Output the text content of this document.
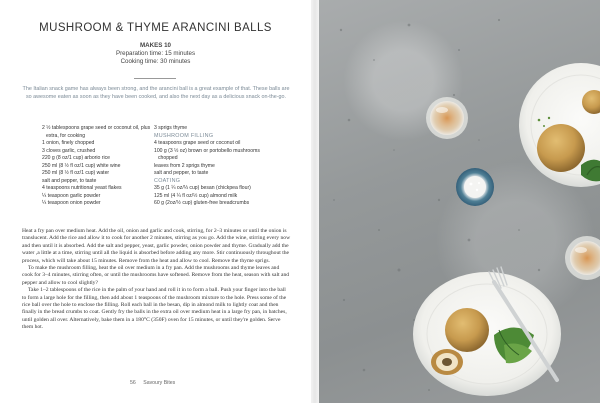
MUSHROOM & THYME ARANCINI BALLS
MAKES 10
Preparation time: 15 minutes
Cooking time: 30 minutes
The Italian snack game has always been strong, and the arancini ball is a great example of that. These balls are so awesome eaten as soon as they have been cooked, and also the next day as a delicious snack on-the-go.
2 ½ tablespoons grape seed or coconut oil, plus extra, for cooking
1 onion, finely chopped
3 cloves garlic, crushed
220 g (8 oz/1 cup) arborio rice
250 ml (8 ½ fl oz/1 cup) white wine
250 ml (8 ½ fl oz/1 cup) water
salt and pepper, to taste
4 teaspoons nutritional yeast flakes
¼ teaspoon garlic powder
¼ teaspoon onion powder
3 sprigs thyme
MUSHROOM FILLING
4 teaspoons grape seed or coconut oil
100 g (3 ½ oz) brown or portobello mushrooms chopped
leaves from 2 sprigs thyme
salt and pepper, to taste
COATING
35 g (1 ¼ oz/⅓ cup) besan (chickpea flour)
125 ml (4 ¼ fl oz/½ cup) almond milk
60 g (2oz/½ cup) gluten-free breadcrumbs

Heat a fry pan over medium heat. Add the oil, onion and garlic and cook, stirring, for 2–3 minutes or until the onion is translucent. Add the rice and allow it to cook for another 2 minutes, stirring as you go. Add the wine, stirring every now and then until it is absorbed. Add the salt and pepper, yeast, garlic powder, onion powder and thyme. Gradually add the water ,a little at a time, stirring until all the liquid is absorbed before adding any more. Stir continuously throughout the process, which will take about 15 minutes. Remove from the heat and allow to cool. Remove the thyme sprigs.

To make the mushroom filling, heat the oil over medium in a fry pan. Add the mushrooms and thyme leaves and cook for 3–4 minutes, stirring often, or until the mushrooms have softened. Remove from the heat, season with salt and pepper and allow to cool slightly?

Take 1–2 tablespoons of the rice in the palm of your hand and roll it in to form a ball. Push your finger into the ball to form a large hole for the filling, then add about 1 teaspoons of the mushroom mixture to the hole. Press some of the rice ball over the hole to enclose the filling. Roll each ball in the besan, dip in almond milk to lightly coat and then finally in the bread crumbs to coat. Gently fry the balls in the extra oil over medium heat in a large fry pan, in batches, until golden all over. Alternatively, bake them in a 180°C (350F) oven for 15 minutes, or until they're golden. Serve them hot.

56 Savoury Bites
